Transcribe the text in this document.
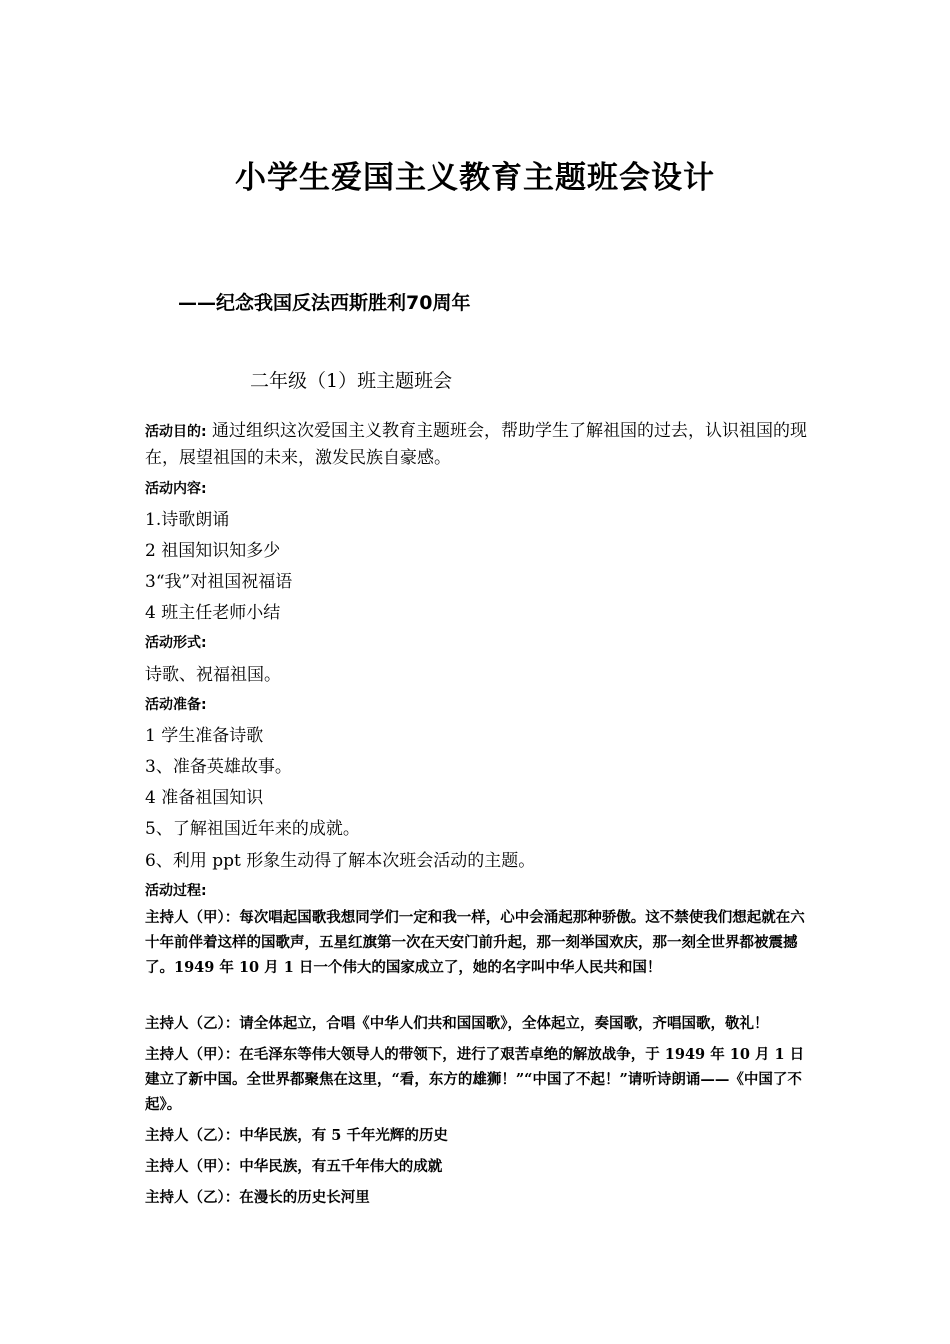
小学生爱国主义教育主题班会设计

——纪念我国反法西斯胜利70周年

二年级（1）班主题班会

活动目的: 通过组织这次爱国主义教育主题班会，帮助学生了解祖国的过去，认识祖国的现在，展望祖国的未来，激发民族自豪感。

活动内容:

1.诗歌朗诵

2 祖国知识知多少

3“我”对祖国祝福语

4 班主任老师小结

活动形式:

诗歌、祝福祖国。

活动准备:

1 学生准备诗歌

3、准备英雄故事。

4 准备祖国知识

5、了解祖国近年来的成就。

6、利用 ppt 形象生动得了解本次班会活动的主题。

活动过程:

主持人（甲）：每次唱起国歌我想同学们一定和我一样，心中会涌起那种骄傲。这不禁使我们想起就在六十年前伴着这样的国歌声，五星红旗第一次在天安门前升起，那一刻举国欢庆，那一刻全世界都被震撼了。1949 年 10 月 1 日一个伟大的国家成立了，她的名字叫中华人民共和国！

主持人（乙）：请全体起立，合唱《中华人们共和国国歌》，全体起立，奏国歌，齐唱国歌，敬礼！

主持人（甲）：在毛泽东等伟大领导人的带领下，进行了艰苦卓绝的解放战争，于 1949 年 10 月 1 日建立了新中国。全世界都聚焦在这里，“看，东方的雄狮！”“中国了不起！”请听诗朗诵——《中国了不起》。

主持人（乙）：中华民族，有 5 千年光辉的历史

主持人（甲）：中华民族，有五千年伟大的成就

主持人（乙）：在漫长的历史长河里
